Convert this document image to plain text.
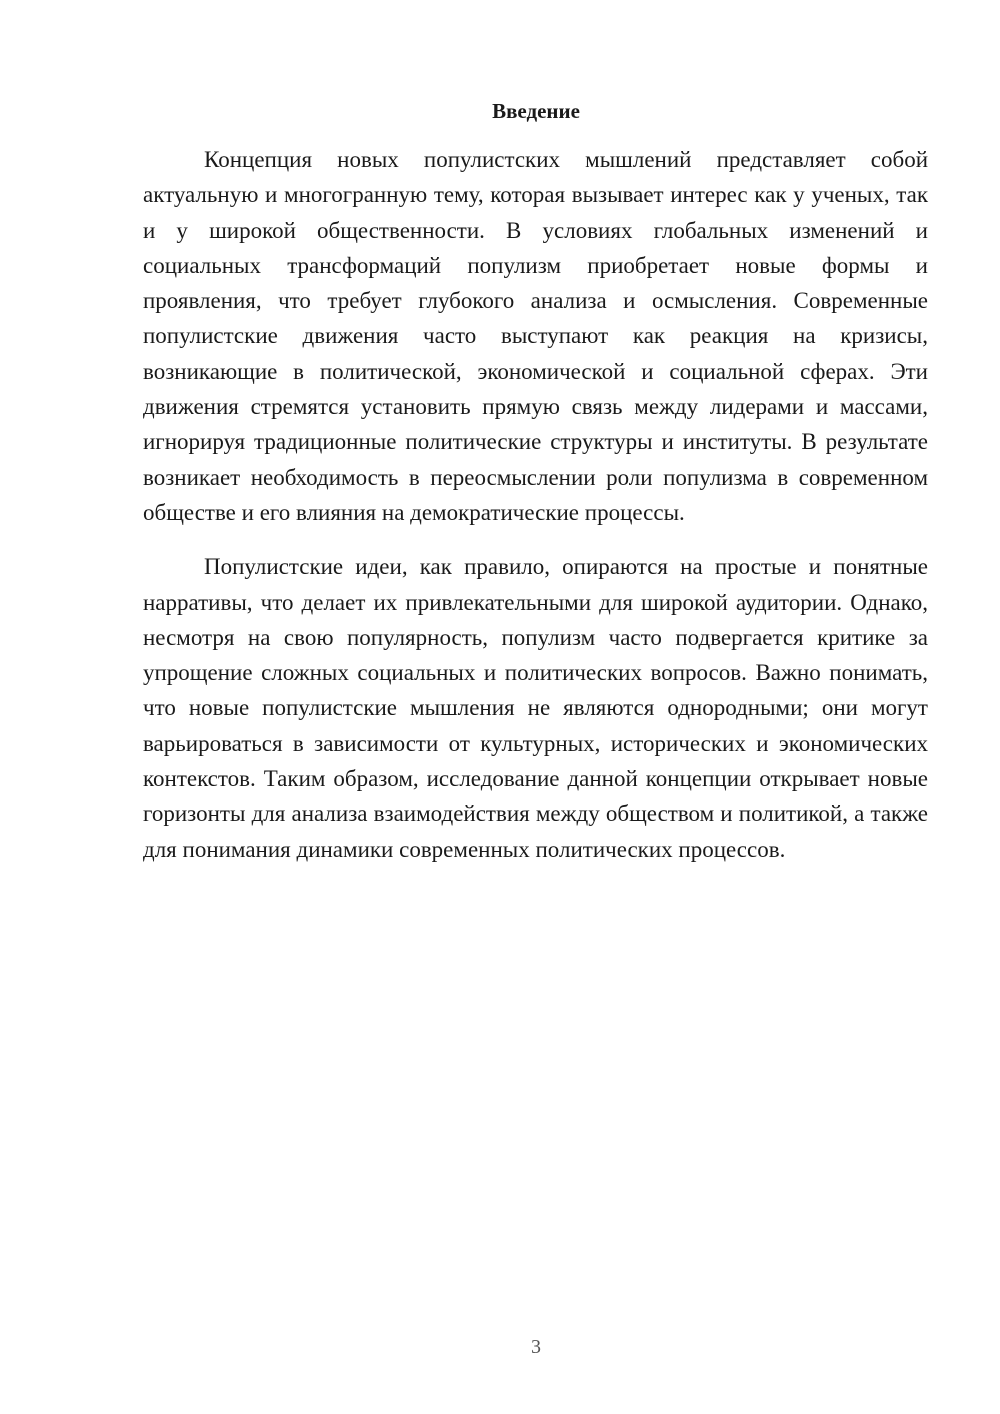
Введение

Концепция новых популистских мышлений представляет собой актуальную и многогранную тему, которая вызывает интерес как у ученых, так и у широкой общественности. В условиях глобальных изменений и социальных трансформаций популизм приобретает новые формы и проявления, что требует глубокого анализа и осмысления. Современные популистские движения часто выступают как реакция на кризисы, возникающие в политической, экономической и социальной сферах. Эти движения стремятся установить прямую связь между лидерами и массами, игнорируя традиционные политические структуры и институты. В результате возникает необходимость в переосмыслении роли популизма в современном обществе и его влияния на демократические процессы.

Популистские идеи, как правило, опираются на простые и понятные нарративы, что делает их привлекательными для широкой аудитории. Однако, несмотря на свою популярность, популизм часто подвергается критике за упрощение сложных социальных и политических вопросов. Важно понимать, что новые популистские мышления не являются однородными; они могут варьироваться в зависимости от культурных, исторических и экономических контекстов. Таким образом, исследование данной концепции открывает новые горизонты для анализа взаимодействия между обществом и политикой, а также для понимания динамики современных политических процессов.

3
